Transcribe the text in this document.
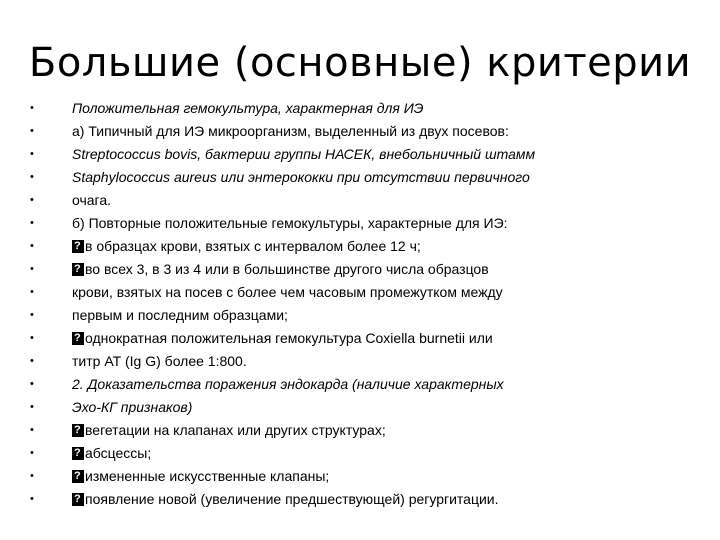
Большие (основные) критерии
•	Положительная гемокультура, характерная для ИЭ
•	а) Типичный для ИЭ микроорганизм, выделенный из двух посевов:
•	Streptococcus bovis, бактерии группы НАСЕК, внебольничный штамм
•	Staphylococcus aureus или энтерококки при отсутствии первичного
•	очага.
•	б) Повторные положительные гемокультуры, характерные для ИЭ:
• ?	в образцах крови, взятых с интервалом более 12 ч;
• ?	во всех 3, в 3 из 4 или в большинстве другого числа образцов
•	крови, взятых на посев с более чем часовым промежутком между
•	первым и последним образцами;
• ?	однократная положительная гемокультура Coxiella burnetii или
•	титр АТ (Ig G) более 1:800.
•	2. Доказательства поражения эндокарда (наличие характерных
•	Эхо-КГ признаков)
• ?	вегетации на клапанах или других структурах;
• ?	абсцессы;
• ?	измененные искусственные клапаны;
• ?	появление новой (увеличение предшествующей) регургитации.
